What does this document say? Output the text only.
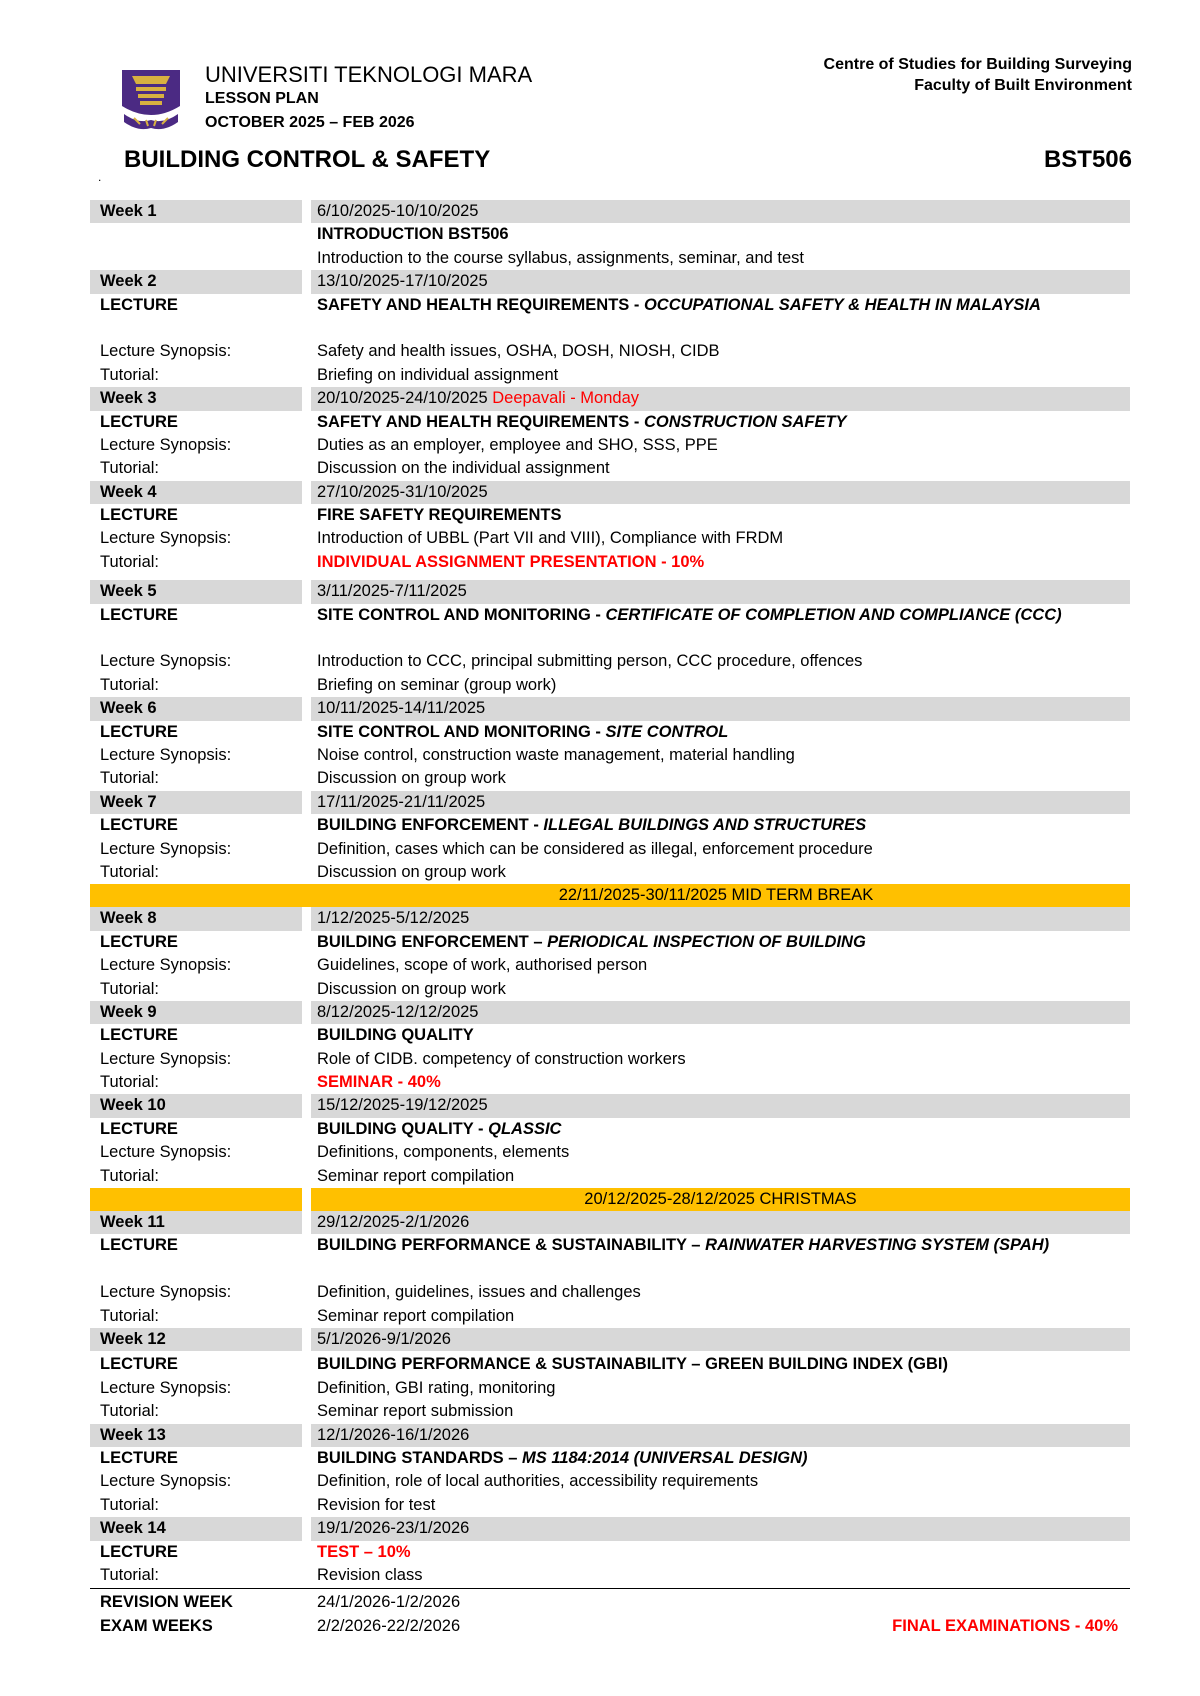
UNIVERSITI TEKNOLOGI MARA
LESSON PLAN
OCTOBER 2025 – FEB 2026
Centre of Studies for Building Surveying
Faculty of Built Environment
BUILDING CONTROL & SAFETY	BST506
.
Week 1	6/10/2025-10/10/2025
INTRODUCTION BST506
Introduction to the course syllabus, assignments, seminar, and test
Week 2	13/10/2025-17/10/2025
LECTURE	SAFETY AND HEALTH REQUIREMENTS - OCCUPATIONAL SAFETY & HEALTH IN MALAYSIA
Lecture Synopsis:	Safety and health issues, OSHA, DOSH, NIOSH, CIDB
Tutorial:	Briefing on individual assignment
Week 3	20/10/2025-24/10/2025 Deepavali - Monday
LECTURE	SAFETY AND HEALTH REQUIREMENTS - CONSTRUCTION SAFETY
Lecture Synopsis:	Duties as an employer, employee and SHO, SSS, PPE
Tutorial:	Discussion on the individual assignment
Week 4	27/10/2025-31/10/2025
LECTURE	FIRE SAFETY REQUIREMENTS
Lecture Synopsis:	Introduction of UBBL (Part VII and VIII), Compliance with FRDM
Tutorial:	INDIVIDUAL ASSIGNMENT PRESENTATION - 10%
Week 5	3/11/2025-7/11/2025
LECTURE	SITE CONTROL AND MONITORING - CERTIFICATE OF COMPLETION AND COMPLIANCE (CCC)
Lecture Synopsis:	Introduction to CCC, principal submitting person, CCC procedure, offences
Tutorial:	Briefing on seminar (group work)
Week 6	10/11/2025-14/11/2025
LECTURE	SITE CONTROL AND MONITORING - SITE CONTROL
Lecture Synopsis:	Noise control, construction waste management, material handling
Tutorial:	Discussion on group work
Week 7	17/11/2025-21/11/2025
LECTURE	BUILDING ENFORCEMENT - ILLEGAL BUILDINGS AND STRUCTURES
Lecture Synopsis:	Definition, cases which can be considered as illegal, enforcement procedure
Tutorial:	Discussion on group work
22/11/2025-30/11/2025 MID TERM BREAK
Week 8	1/12/2025-5/12/2025
LECTURE	BUILDING ENFORCEMENT – PERIODICAL INSPECTION OF BUILDING
Lecture Synopsis:	Guidelines, scope of work, authorised person
Tutorial:	Discussion on group work
Week 9	8/12/2025-12/12/2025
LECTURE	BUILDING QUALITY
Lecture Synopsis:	Role of CIDB. competency of construction workers
Tutorial:	SEMINAR - 40%
Week 10	15/12/2025-19/12/2025
LECTURE	BUILDING QUALITY - QLASSIC
Lecture Synopsis:	Definitions, components, elements
Tutorial:	Seminar report compilation
20/12/2025-28/12/2025 CHRISTMAS
Week 11	29/12/2025-2/1/2026
LECTURE	BUILDING PERFORMANCE & SUSTAINABILITY – RAINWATER HARVESTING SYSTEM (SPAH)
Lecture Synopsis:	Definition, guidelines, issues and challenges
Tutorial:	Seminar report compilation
Week 12	5/1/2026-9/1/2026
LECTURE	BUILDING PERFORMANCE & SUSTAINABILITY – GREEN BUILDING INDEX (GBI)
Lecture Synopsis:	Definition, GBI rating, monitoring
Tutorial:	Seminar report submission
Week 13	12/1/2026-16/1/2026
LECTURE	BUILDING STANDARDS – MS 1184:2014 (UNIVERSAL DESIGN)
Lecture Synopsis:	Definition, role of local authorities, accessibility requirements
Tutorial:	Revision for test
Week 14	19/1/2026-23/1/2026
LECTURE	TEST – 10%
Tutorial:	Revision class
REVISION WEEK	24/1/2026-1/2/2026
EXAM WEEKS	2/2/2026-22/2/2026	FINAL EXAMINATIONS - 40%
